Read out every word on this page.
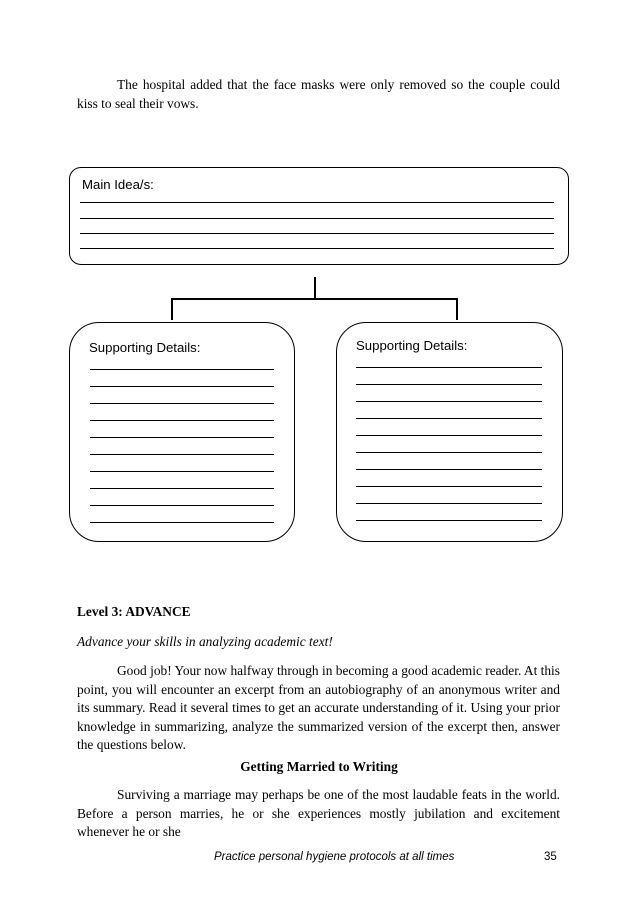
The hospital added that the face masks were only removed so the couple could kiss to seal their vows.

Main Idea/s:
Supporting Details:	Supporting Details:

Level 3: ADVANCE

Advance your skills in analyzing academic text!

Good job! Your now halfway through in becoming a good academic reader. At this point, you will encounter an excerpt from an autobiography of an anonymous writer and its summary. Read it several times to get an accurate understanding of it. Using your prior knowledge in summarizing, analyze the summarized version of the excerpt then, answer the questions below.

Getting Married to Writing

Surviving a marriage may perhaps be one of the most laudable feats in the world. Before a person marries, he or she experiences mostly jubilation and excitement whenever he or she

Practice personal hygiene protocols at all times	35
